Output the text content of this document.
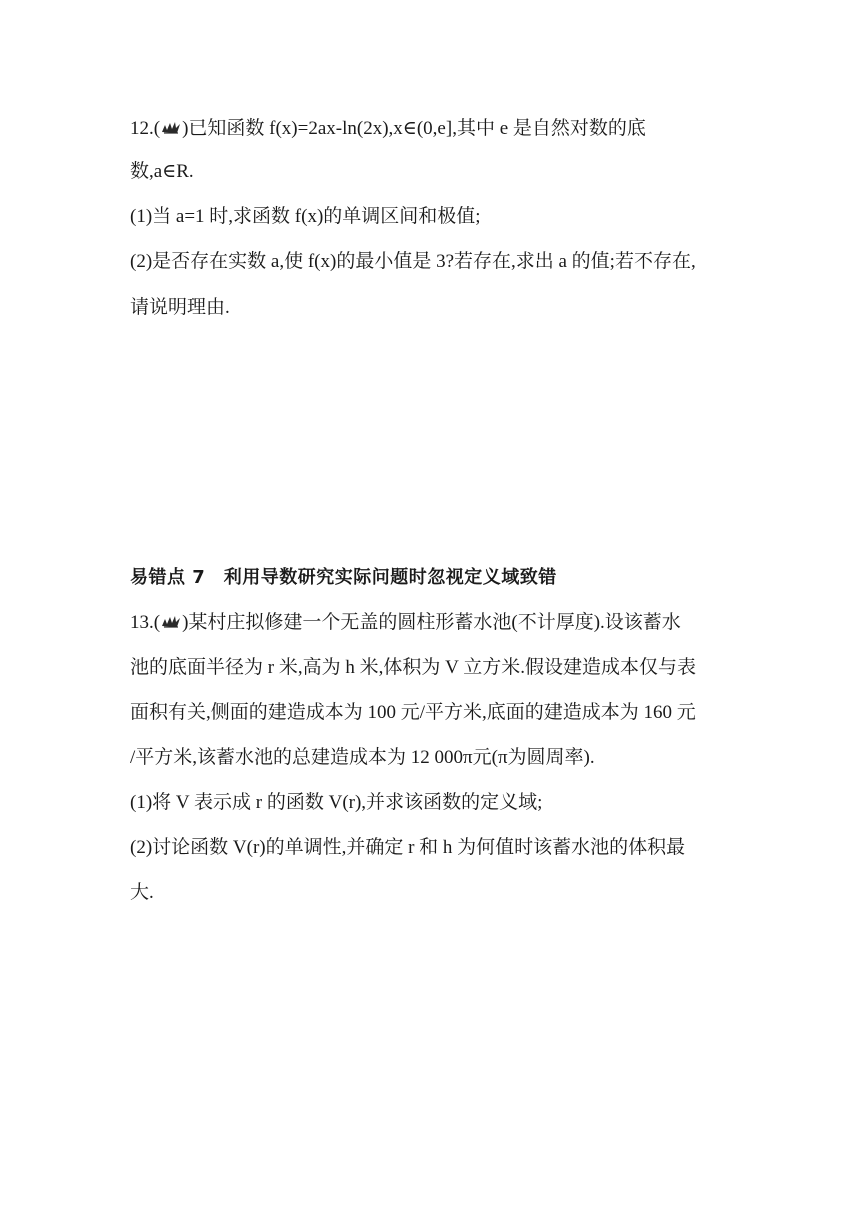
12.( )已知函数 f(x)=2ax-ln(2x),x∈(0,e],其中 e 是自然对数的底
数,a∈R.
(1)当 a=1 时,求函数 f(x)的单调区间和极值;
(2)是否存在实数 a,使 f(x)的最小值是 3?若存在,求出 a 的值;若不存在,
请说明理由.
易错点 7　利用导数研究实际问题时忽视定义域致错
13.( )某村庄拟修建一个无盖的圆柱形蓄水池(不计厚度).设该蓄水
池的底面半径为 r 米,高为 h 米,体积为 V 立方米.假设建造成本仅与表
面积有关,侧面的建造成本为 100 元/平方米,底面的建造成本为 160 元
/平方米,该蓄水池的总建造成本为 12 000π元(π为圆周率).
(1)将 V 表示成 r 的函数 V(r),并求该函数的定义域;
(2)讨论函数 V(r)的单调性,并确定 r 和 h 为何值时该蓄水池的体积最
大.
